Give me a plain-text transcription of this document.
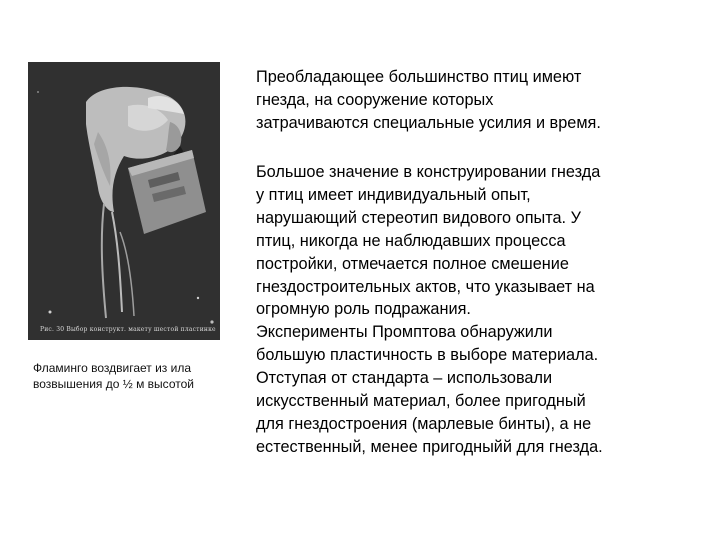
Рис. 30 Выбор конструкт. макету шестой пластинке
Фламинго воздвигает из ила возвышения до ½ м высотой
Преобладающее большинство птиц имеют
гнезда, на сооружение которых
затрачиваются специальные усилия и время.
Большое значение в конструировании гнезда
у птиц имеет индивидуальный опыт,
нарушающий стереотип видового опыта. У
птиц, никогда не наблюдавших процесса
постройки, отмечается полное смешение
гнездостроительных актов, что указывает на
огромную роль подражания.
Эксперименты Промптова обнаружили
большую пластичность в выборе материала.
Отступая от стандарта – использовали
искусственный материал, более пригодный
для гнездостроения (марлевые бинты), а не
естественный, менее пригодныйй для гнезда.
